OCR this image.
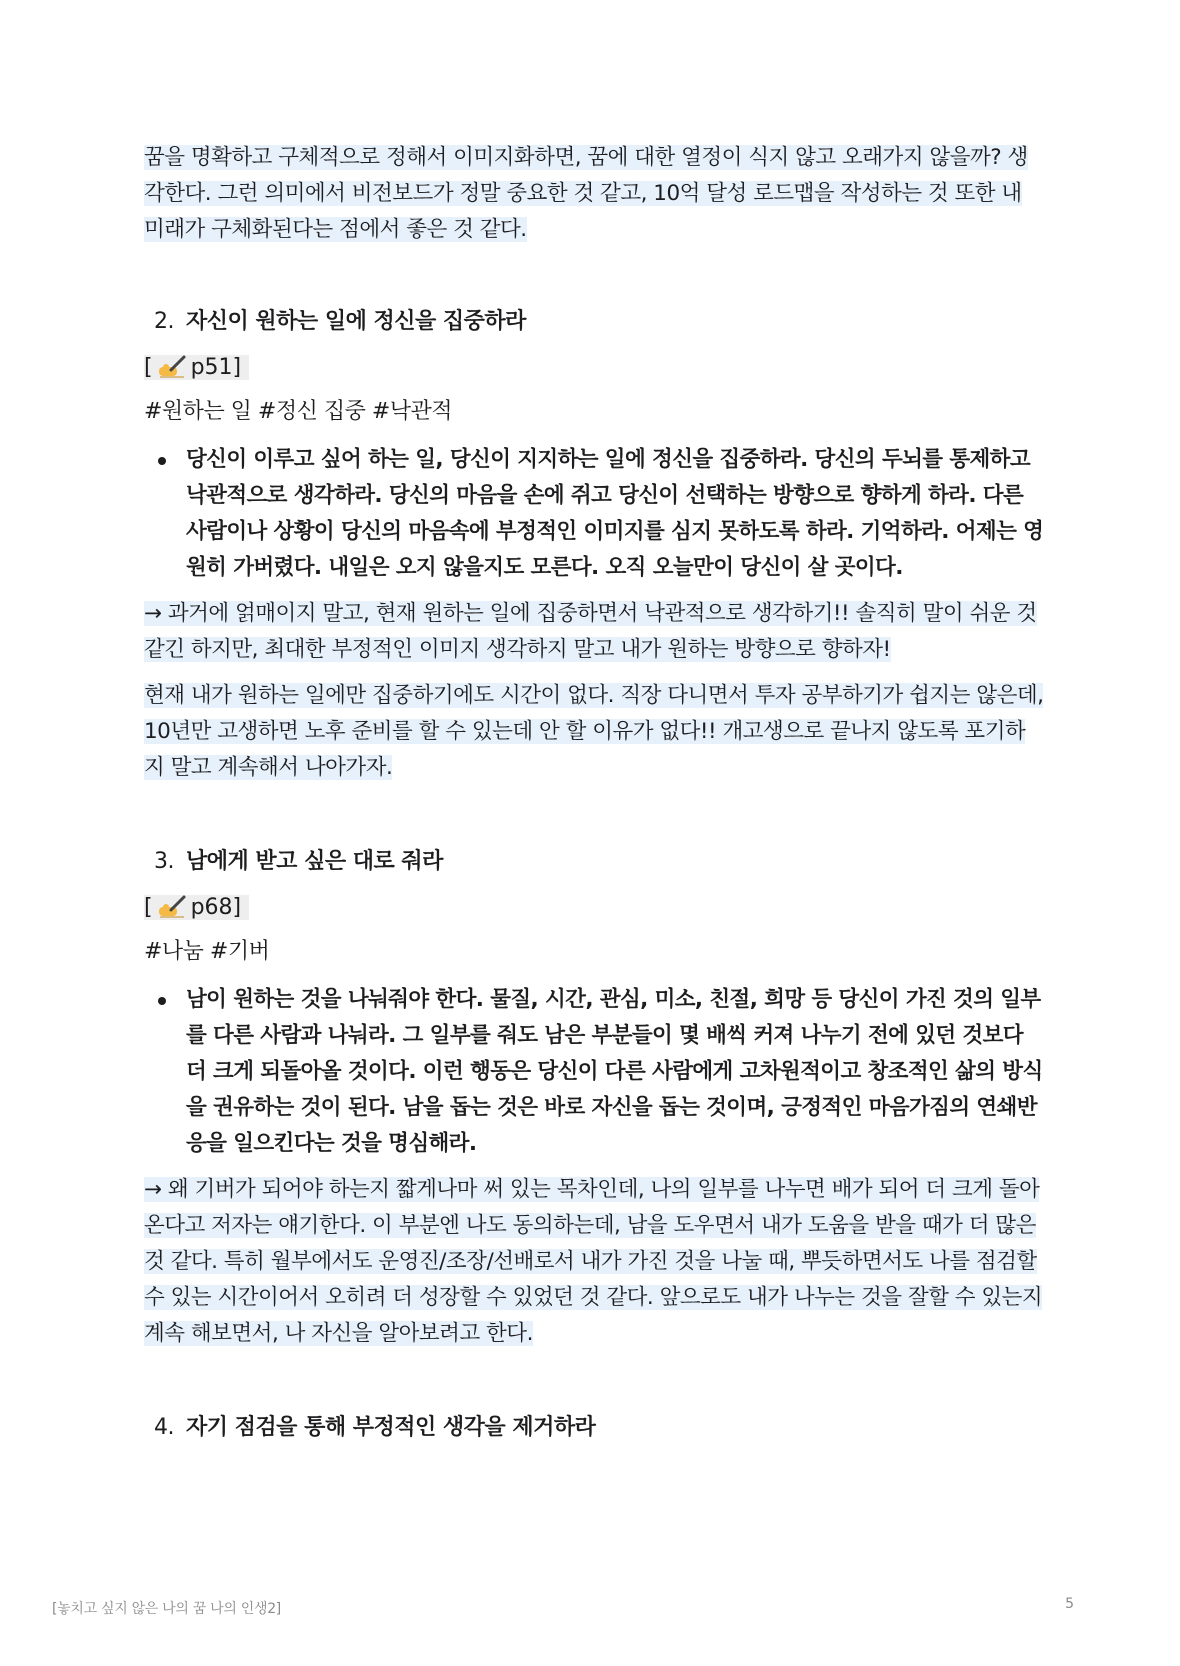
꿈을 명확하고 구체적으로 정해서 이미지화하면, 꿈에 대한 열정이 식지 않고 오래가지 않을까? 생각한다. 그런 의미에서 비전보드가 정말 중요한 것 같고, 10억 달성 로드맵을 작성하는 것 또한 내 미래가 구체화된다는 점에서 좋은 것 같다.

2. 자신이 원하는 일에 정신을 집중하라

[ p51]

#원하는 일 #정신 집중 #낙관적

당신이 이루고 싶어 하는 일, 당신이 지지하는 일에 정신을 집중하라. 당신의 두뇌를 통제하고 낙관적으로 생각하라. 당신의 마음을 손에 쥐고 당신이 선택하는 방향으로 향하게 하라. 다른 사람이나 상황이 당신의 마음속에 부정적인 이미지를 심지 못하도록 하라. 기억하라. 어제는 영원히 가버렸다. 내일은 오지 않을지도 모른다. 오직 오늘만이 당신이 살 곳이다.

→ 과거에 얽매이지 말고, 현재 원하는 일에 집중하면서 낙관적으로 생각하기!! 솔직히 말이 쉬운 것 같긴 하지만, 최대한 부정적인 이미지 생각하지 말고 내가 원하는 방향으로 향하자!

현재 내가 원하는 일에만 집중하기에도 시간이 없다. 직장 다니면서 투자 공부하기가 쉽지는 않은데, 10년만 고생하면 노후 준비를 할 수 있는데 안 할 이유가 없다!! 개고생으로 끝나지 않도록 포기하지 말고 계속해서 나아가자.

3. 남에게 받고 싶은 대로 줘라

[ p68]

#나눔 #기버

남이 원하는 것을 나눠줘야 한다. 물질, 시간, 관심, 미소, 친절, 희망 등 당신이 가진 것의 일부를 다른 사람과 나눠라. 그 일부를 줘도 남은 부분들이 몇 배씩 커져 나누기 전에 있던 것보다 더 크게 되돌아올 것이다. 이런 행동은 당신이 다른 사람에게 고차원적이고 창조적인 삶의 방식을 권유하는 것이 된다. 남을 돕는 것은 바로 자신을 돕는 것이며, 긍정적인 마음가짐의 연쇄반응을 일으킨다는 것을 명심해라.

→ 왜 기버가 되어야 하는지 짧게나마 써 있는 목차인데, 나의 일부를 나누면 배가 되어 더 크게 돌아온다고 저자는 얘기한다. 이 부분엔 나도 동의하는데, 남을 도우면서 내가 도움을 받을 때가 더 많은 것 같다. 특히 월부에서도 운영진/조장/선배로서 내가 가진 것을 나눌 때, 뿌듯하면서도 나를 점검할 수 있는 시간이어서 오히려 더 성장할 수 있었던 것 같다. 앞으로도 내가 나누는 것을 잘할 수 있는지 계속 해보면서, 나 자신을 알아보려고 한다.

4. 자기 점검을 통해 부정적인 생각을 제거하라

[놓치고 싶지 않은 나의 꿈 나의 인생2]	5
